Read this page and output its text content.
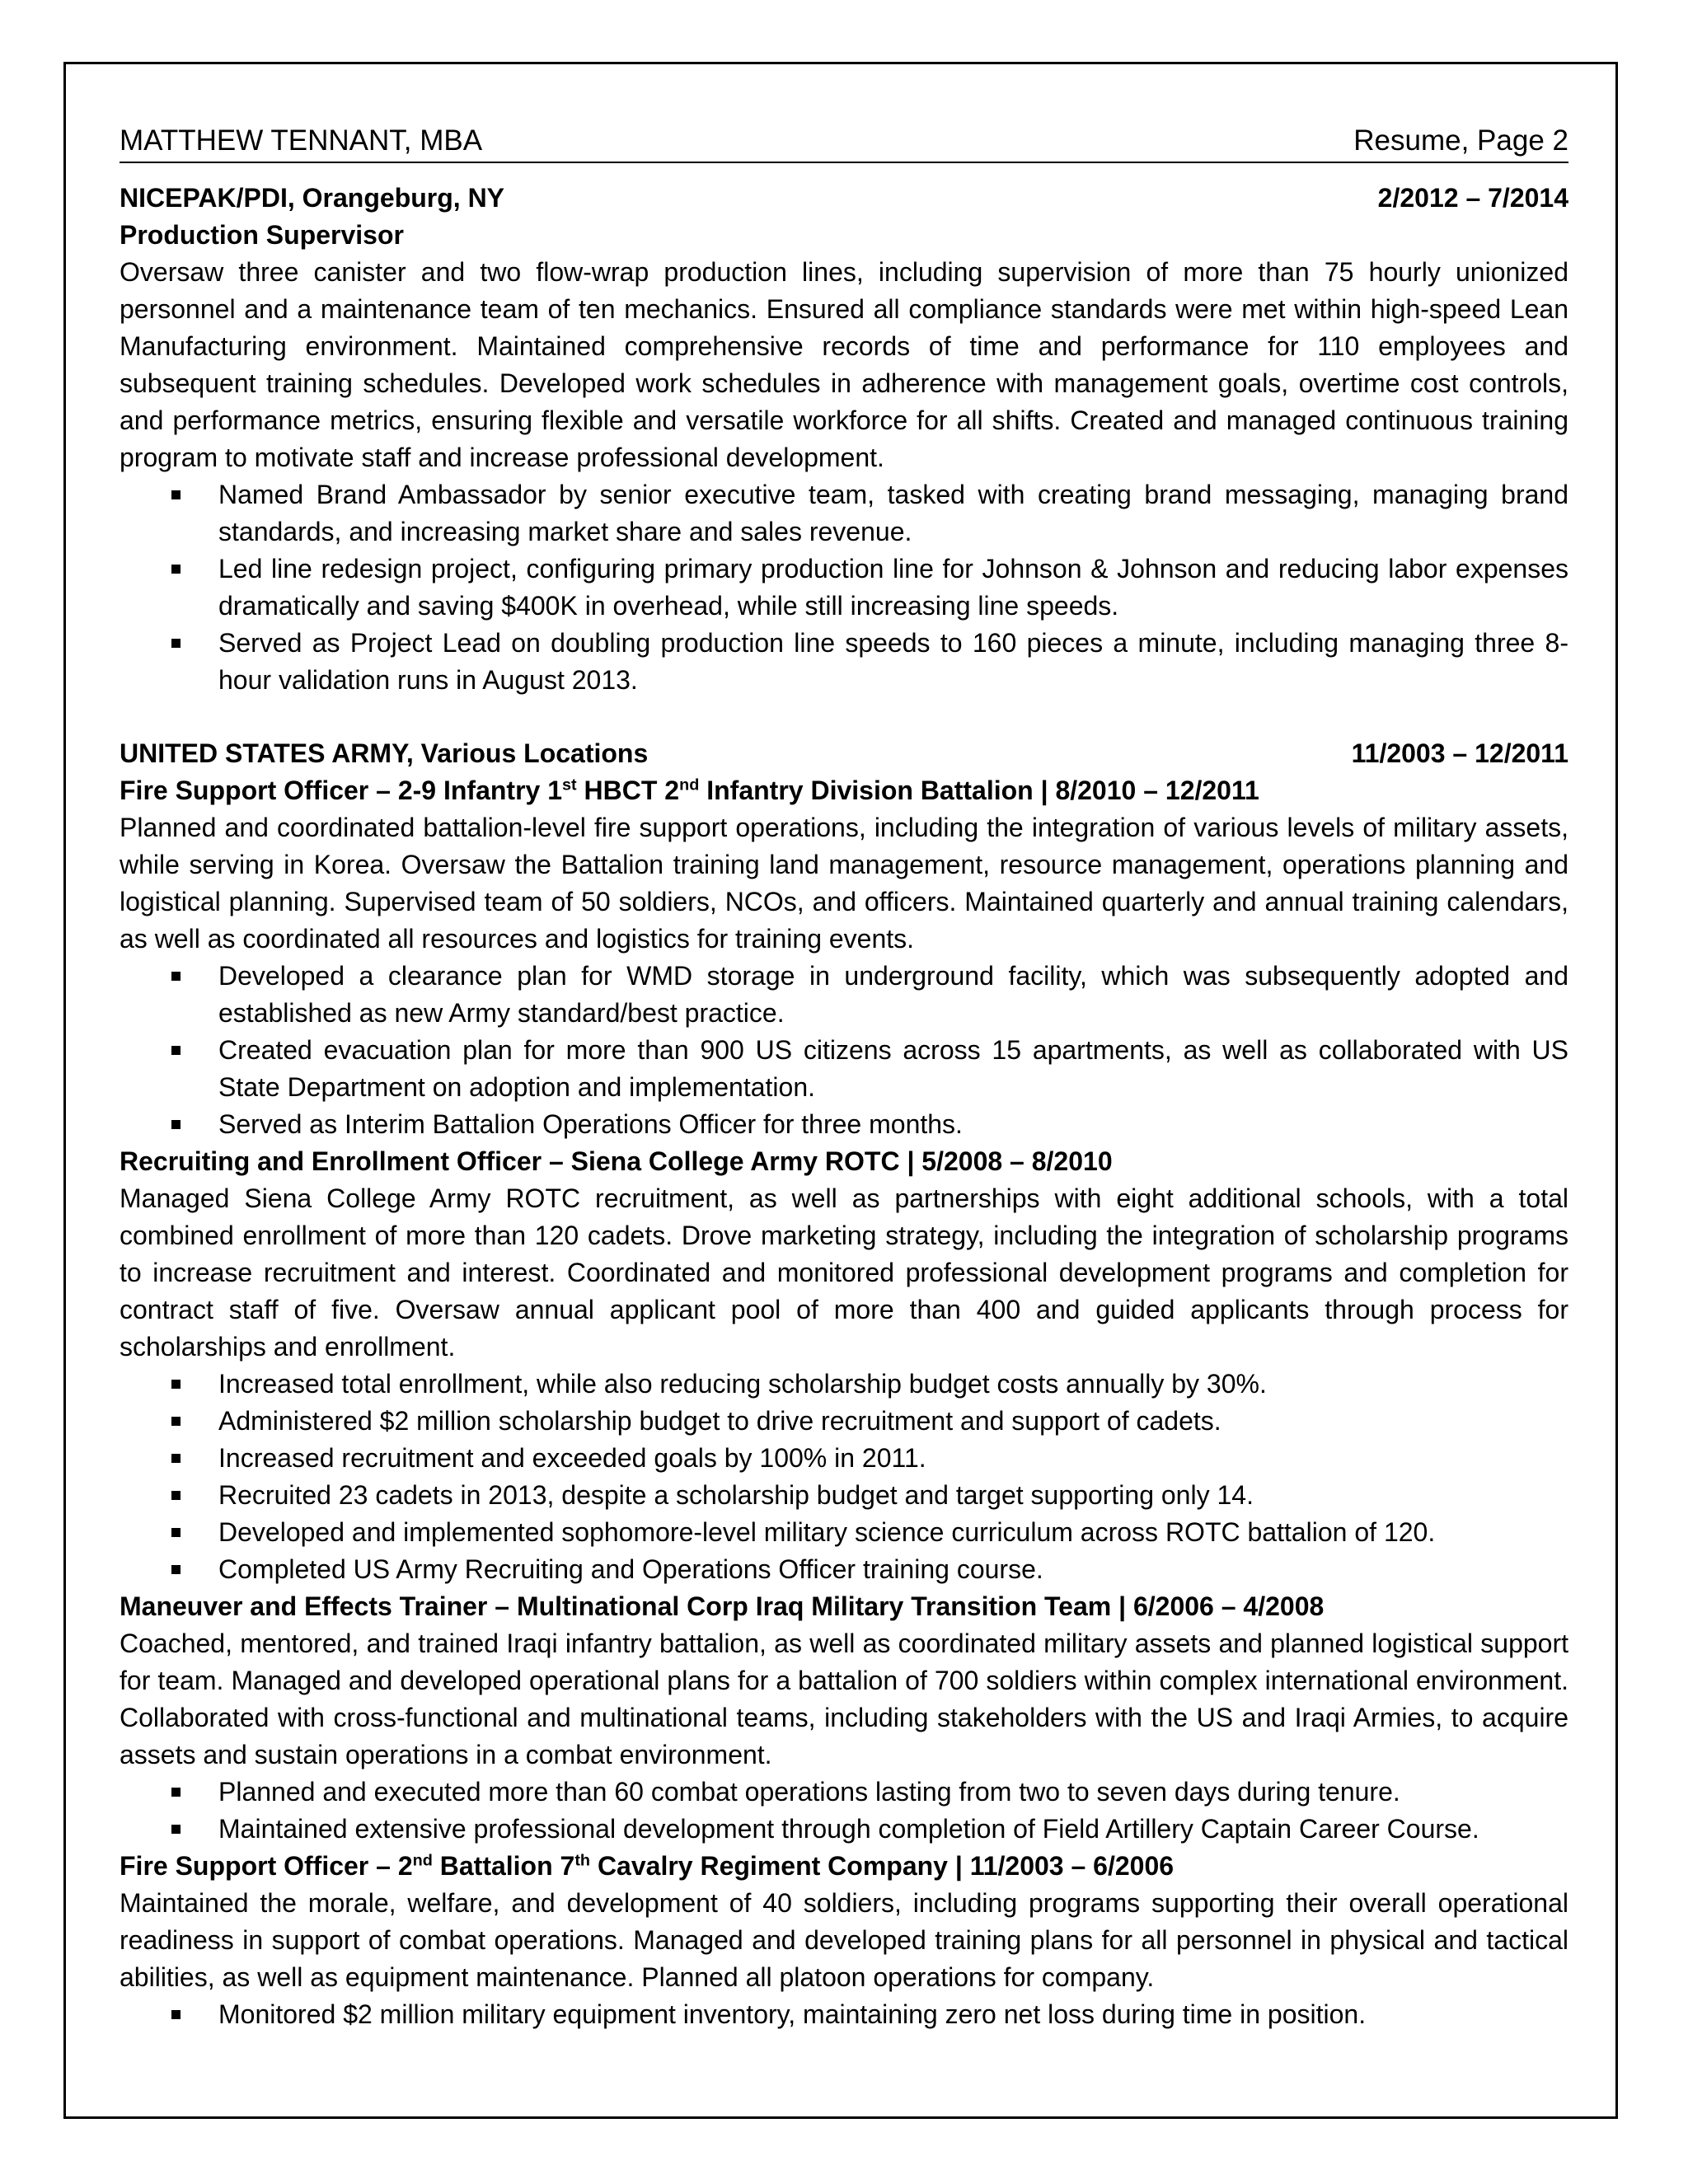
MATTHEW TENNANT, MBA	Resume, Page 2
NICEPAK/PDI, Orangeburg, NY	2/2012 – 7/2014
Production Supervisor

Oversaw three canister and two flow-wrap production lines, including supervision of more than 75 hourly unionized personnel and a maintenance team of ten mechanics. Ensured all compliance standards were met within high-speed Lean Manufacturing environment. Maintained comprehensive records of time and performance for 110 employees and subsequent training schedules. Developed work schedules in adherence with management goals, overtime cost controls, and performance metrics, ensuring flexible and versatile workforce for all shifts. Created and managed continuous training program to motivate staff and increase professional development.

Named Brand Ambassador by senior executive team, tasked with creating brand messaging, managing brand standards, and increasing market share and sales revenue.
Led line redesign project, configuring primary production line for Johnson & Johnson and reducing labor expenses dramatically and saving $400K in overhead, while still increasing line speeds.
Served as Project Lead on doubling production line speeds to 160 pieces a minute, including managing three 8-hour validation runs in August 2013.
UNITED STATES ARMY, Various Locations	11/2003 – 12/2011
Fire Support Officer – 2-9 Infantry 1st HBCT 2nd Infantry Division Battalion | 8/2010 – 12/2011

Planned and coordinated battalion-level fire support operations, including the integration of various levels of military assets, while serving in Korea. Oversaw the Battalion training land management, resource management, operations planning and logistical planning. Supervised team of 50 soldiers, NCOs, and officers. Maintained quarterly and annual training calendars, as well as coordinated all resources and logistics for training events.

Developed a clearance plan for WMD storage in underground facility, which was subsequently adopted and established as new Army standard/best practice.
Created evacuation plan for more than 900 US citizens across 15 apartments, as well as collaborated with US State Department on adoption and implementation.
Served as Interim Battalion Operations Officer for three months.
Recruiting and Enrollment Officer – Siena College Army ROTC | 5/2008 – 8/2010

Managed Siena College Army ROTC recruitment, as well as partnerships with eight additional schools, with a total combined enrollment of more than 120 cadets. Drove marketing strategy, including the integration of scholarship programs to increase recruitment and interest. Coordinated and monitored professional development programs and completion for contract staff of five. Oversaw annual applicant pool of more than 400 and guided applicants through process for scholarships and enrollment.

Increased total enrollment, while also reducing scholarship budget costs annually by 30%.
Administered $2 million scholarship budget to drive recruitment and support of cadets.
Increased recruitment and exceeded goals by 100% in 2011.
Recruited 23 cadets in 2013, despite a scholarship budget and target supporting only 14.
Developed and implemented sophomore-level military science curriculum across ROTC battalion of 120.
Completed US Army Recruiting and Operations Officer training course.
Maneuver and Effects Trainer – Multinational Corp Iraq Military Transition Team | 6/2006 – 4/2008

Coached, mentored, and trained Iraqi infantry battalion, as well as coordinated military assets and planned logistical support for team. Managed and developed operational plans for a battalion of 700 soldiers within complex international environment. Collaborated with cross-functional and multinational teams, including stakeholders with the US and Iraqi Armies, to acquire assets and sustain operations in a combat environment.

Planned and executed more than 60 combat operations lasting from two to seven days during tenure.
Maintained extensive professional development through completion of Field Artillery Captain Career Course.
Fire Support Officer – 2nd Battalion 7th Cavalry Regiment Company | 11/2003 – 6/2006

Maintained the morale, welfare, and development of 40 soldiers, including programs supporting their overall operational readiness in support of combat operations. Managed and developed training plans for all personnel in physical and tactical abilities, as well as equipment maintenance. Planned all platoon operations for company.

Monitored $2 million military equipment inventory, maintaining zero net loss during time in position.
